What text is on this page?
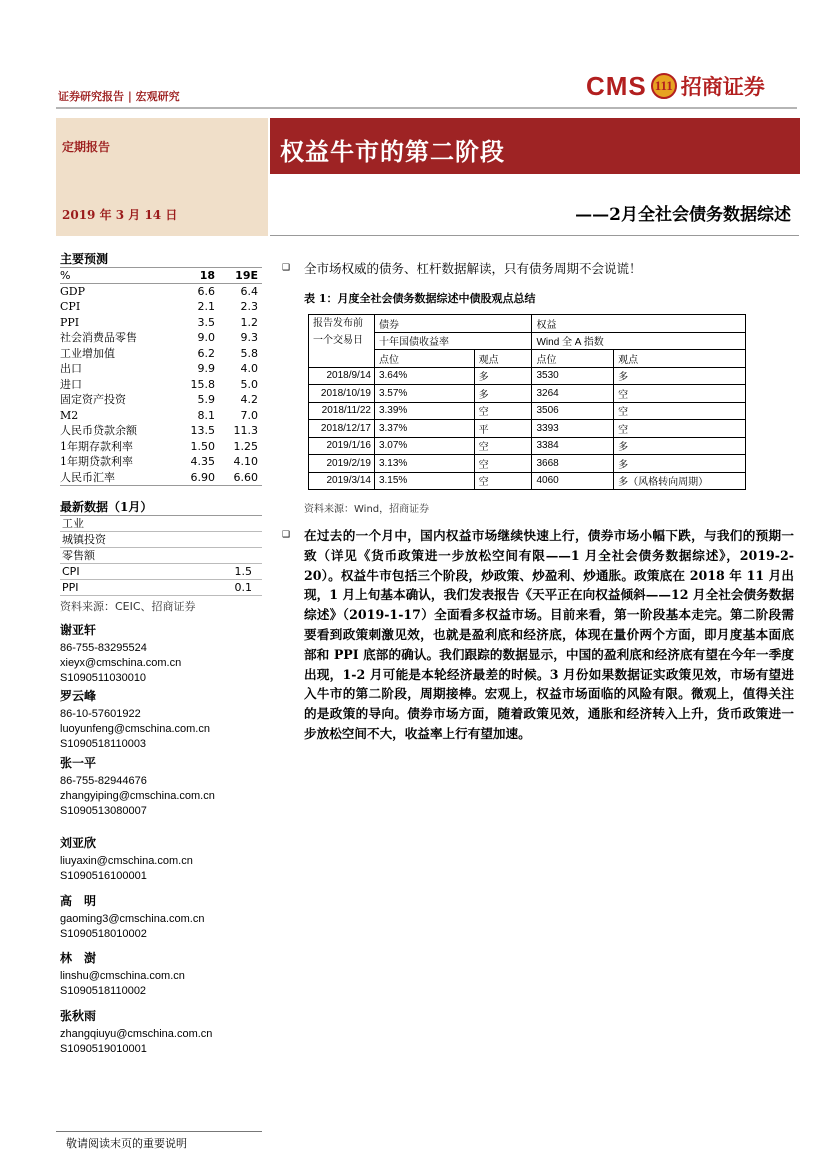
证券研究报告 | 宏观研究	CMS 111 招商证券
定期报告
2019 年 3 月 14 日
权益牛市的第二阶段
——2月全社会债务数据综述
主要预测
%	18	19E
GDP	6.6	6.4
CPI	2.1	2.3
PPI	3.5	1.2
社会消费品零售	9.0	9.3
工业增加值	6.2	5.8
出口	9.9	4.0
进口	15.8	5.0
固定资产投资	5.9	4.2
M2	8.1	7.0
人民币贷款余额	13.5	11.3
1年期存款利率	1.50	1.25
1年期贷款利率	4.35	4.10
人民币汇率	6.90	6.60
最新数据（1月）
工业	
城镇投资	
零售额	
CPI	1.5
PPI	0.1
资料来源：CEIC、招商证券
谢亚轩
86-755-83295524
xieyx@cmschina.com.cn
S1090511030010
罗云峰
86-10-57601922
luoyunfeng@cmschina.com.cn
S1090518110003
张一平
86-755-82944676
zhangyiping@cmschina.com.cn
S1090513080007
刘亚欣
liuyaxin@cmschina.com.cn
S1090516100001
高　明
gaoming3@cmschina.com.cn
S1090518010002
林　澍
linshu@cmschina.com.cn
S1090518110002
张秋雨
zhangqiuyu@cmschina.com.cn
S1090519010001
❑ 全市场权威的债务、杠杆数据解读，只有债务周期不会说谎！
表 1：月度全社会债务数据综述中债股观点总结
报告发布前一个交易日	债券		权益	
	十年国债收益率		Wind 全 A 指数	
	点位	观点	点位	观点
2018/9/14	3.64%	多	3530	多
2018/10/19	3.57%	多	3264	空
2018/11/22	3.39%	空	3506	空
2018/12/17	3.37%	平	3393	空
2019/1/16	3.07%	空	3384	多
2019/2/19	3.13%	空	3668	多
2019/3/14	3.15%	空	4060	多（风格转向周期）
资料来源：Wind，招商证券
❑ 在过去的一个月中，国内权益市场继续快速上行，债券市场小幅下跌，与我们的预期一致（详见《货币政策进一步放松空间有限——1 月全社会债务数据综述》，2019-2-20）。权益牛市包括三个阶段，炒政策、炒盈利、炒通胀。政策底在 2018 年 11 月出现，1 月上旬基本确认，我们发表报告《天平正在向权益倾斜——12 月全社会债务数据综述》（2019-1-17）全面看多权益市场。目前来看，第一阶段基本走完。第二阶段需要看到政策刺激见效，也就是盈利底和经济底，体现在量价两个方面，即月度基本面底部和 PPI 底部的确认。我们跟踪的数据显示，中国的盈利底和经济底有望在今年一季度出现，1-2 月可能是本轮经济最差的时候。3 月份如果数据证实政策见效，市场有望进入牛市的第二阶段，周期接棒。宏观上，权益市场面临的风险有限。微观上，值得关注的是政策的导向。债券市场方面，随着政策见效，通胀和经济转入上升，货币政策进一步放松空间不大，收益率上行有望加速。
敬请阅读末页的重要说明
